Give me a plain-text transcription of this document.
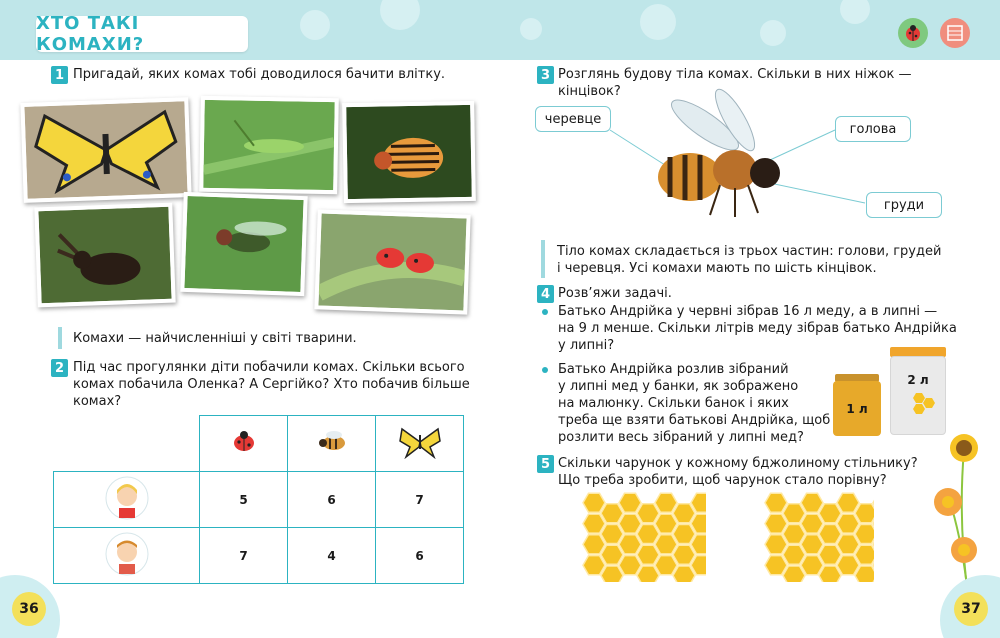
ХТО ТАКІ КОМАХИ?
1 Пригадай, яких комах тобі доводилося бачити влітку.
Комахи — найчисленніші у світі тварини.
2 Під час прогулянки діти побачили комах. Скільки всього
комах побачила Оленка? А Сергійко? Хто побачив більше
комах?

	5	6	7
	7	4	6
36
3 Розглянь будову тіла комах. Скільки в них ніжок —
кінцівок?
черевце
голова
груди
Тіло комах складається із трьох частин: голови, грудей
і черевця. Усі комахи мають по шість кінцівок.
4 Розв’яжи задачі.
Батько Андрійка у червні зібрав 16 л меду, а в липні —
на 9 л менше. Скільки літрів меду зібрав батько Андрійка
у липні?
Батько Андрійка розлив зібраний
у липні мед у банки, як зображено
на малюнку. Скільки банок і яких
треба ще взяти батькові Андрійка, щоб
розлити весь зібраний у липні мед?
1 л
2 л
5 Скільки чарунок у кожному бджолиному стільнику?
Що треба зробити, щоб чарунок стало порівну?
37
